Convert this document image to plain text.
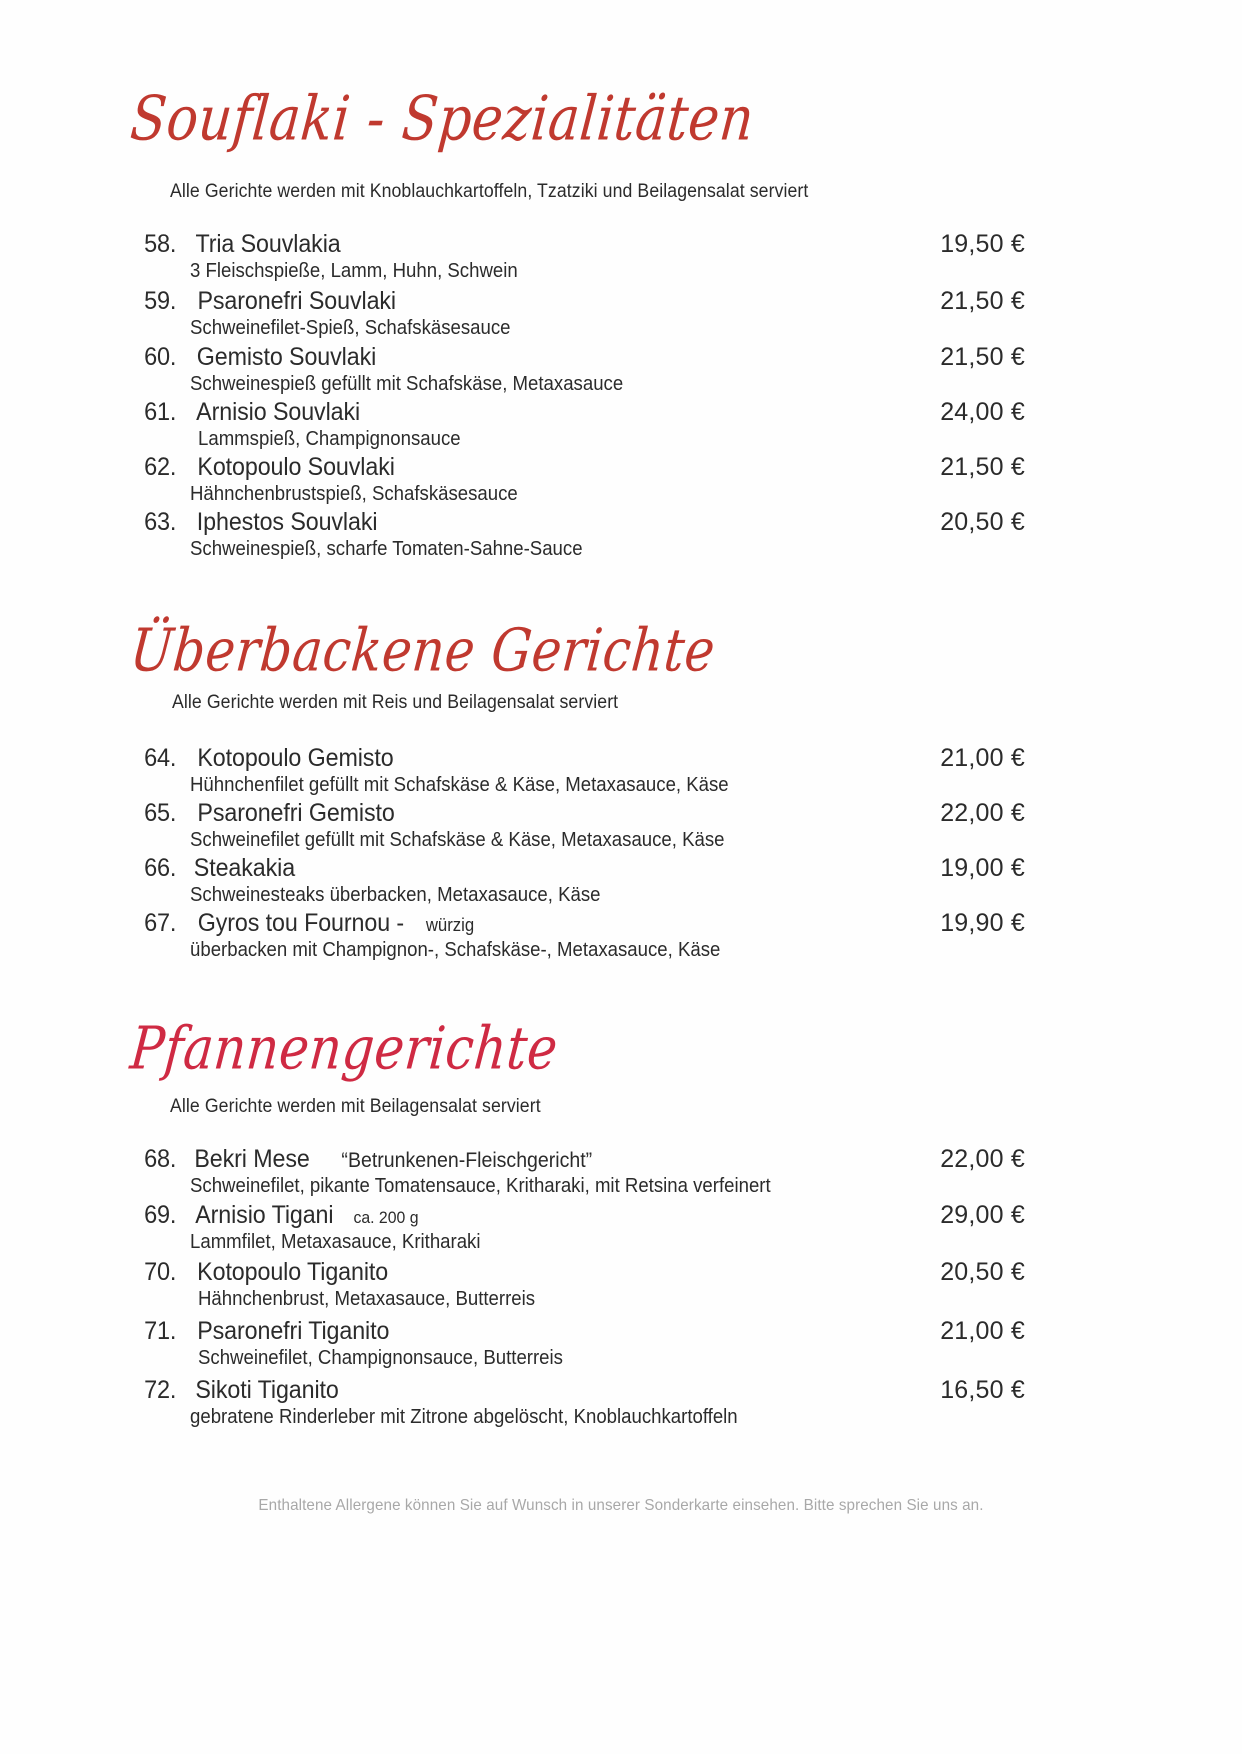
Souflaki - Spezialitäten
Alle Gerichte werden mit Knoblauchkartoffeln, Tzatziki und Beilagensalat serviert
58. Tria Souvlakia	19,50 €
3 Fleischspieße, Lamm, Huhn, Schwein
59. Psaronefri Souvlaki	21,50 €
Schweinefilet-Spieß, Schafskäsesauce
60. Gemisto Souvlaki	21,50 €
Schweinespieß gefüllt mit Schafskäse, Metaxasauce
61. Arnisio Souvlaki	24,00 €
Lammspieß, Champignonsauce
62. Kotopoulo Souvlaki	21,50 €
Hähnchenbrustspieß, Schafskäsesauce
63. Iphestos Souvlaki	20,50 €
Schweinespieß, scharfe Tomaten-Sahne-Sauce
Überbackene Gerichte
Alle Gerichte werden mit Reis und Beilagensalat serviert
64. Kotopoulo Gemisto	21,00 €
Hühnchenfilet gefüllt mit Schafskäse & Käse, Metaxasauce, Käse
65. Psaronefri Gemisto	22,00 €
Schweinefilet gefüllt mit Schafskäse & Käse, Metaxasauce, Käse
66. Steakakia	19,00 €
Schweinesteaks überbacken, Metaxasauce, Käse
67. Gyros tou Fournou - würzig	19,90 €
überbacken mit Champignon-, Schafskäse-, Metaxasauce, Käse
Pfannengerichte
Alle Gerichte werden mit Beilagensalat serviert
68. Bekri Mese “Betrunkenen-Fleischgericht”	22,00 €
Schweinefilet, pikante Tomatensauce, Kritharaki, mit Retsina verfeinert
69. Arnisio Tigani ca. 200 g	29,00 €
Lammfilet, Metaxasauce, Kritharaki
70. Kotopoulo Tiganito	20,50 €
Hähnchenbrust, Metaxasauce, Butterreis
71. Psaronefri Tiganito	21,00 €
Schweinefilet, Champignonsauce, Butterreis
72. Sikoti Tiganito	16,50 €
gebratene Rinderleber mit Zitrone abgelöscht, Knoblauchkartoffeln
Enthaltene Allergene können Sie auf Wunsch in unserer Sonderkarte einsehen. Bitte sprechen Sie uns an.
